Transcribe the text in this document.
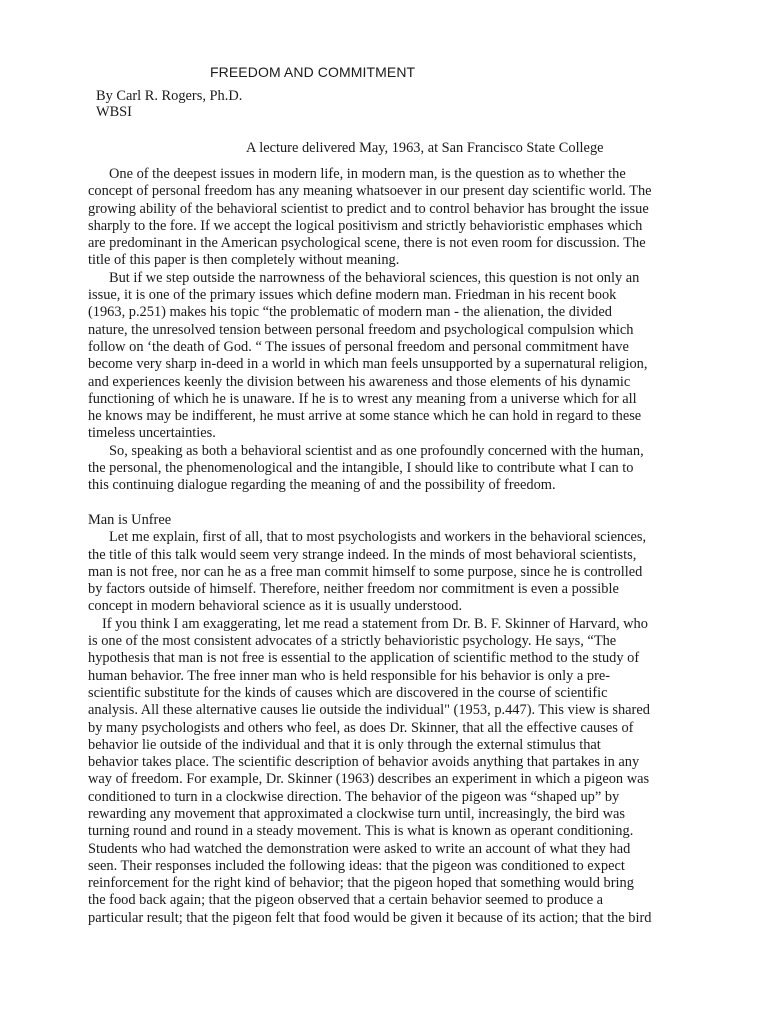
FREEDOM AND COMMITMENT
By Carl R. Rogers, Ph.D.
WBSI
A lecture delivered May, 1963, at San Francisco State College
One of the deepest issues in modern life, in modern man, is the question as to whether the
concept of personal freedom has any meaning whatsoever in our present day scientific world. The
growing ability of the behavioral scientist to predict and to control behavior has brought the issue
sharply to the fore. If we accept the logical positivism and strictly behavioristic emphases which
are predominant in the American psychological scene, there is not even room for discussion. The
title of this paper is then completely without meaning.
But if we step outside the narrowness of the behavioral sciences, this question is not only an
issue, it is one of the primary issues which define modern man. Friedman in his recent book
(1963, p.251) makes his topic “the problematic of modern man - the alienation, the divided
nature, the unresolved tension between personal freedom and psychological compulsion which
follow on ‘the death of God. “ The issues of personal freedom and personal commitment have
become very sharp in-deed in a world in which man feels unsupported by a supernatural religion,
and experiences keenly the division between his awareness and those elements of his dynamic
functioning of which he is unaware. If he is to wrest any meaning from a universe which for all
he knows may be indifferent, he must arrive at some stance which he can hold in regard to these
timeless uncertainties.
So, speaking as both a behavioral scientist and as one profoundly concerned with the human,
the personal, the phenomenological and the intangible, I should like to contribute what I can to
this continuing dialogue regarding the meaning of and the possibility of freedom.
Man is Unfree
Let me explain, first of all, that to most psychologists and workers in the behavioral sciences,
the title of this talk would seem very strange indeed. In the minds of most behavioral scientists,
man is not free, nor can he as a free man commit himself to some purpose, since he is controlled
by factors outside of himself. Therefore, neither freedom nor commitment is even a possible
concept in modern behavioral science as it is usually understood.
If you think I am exaggerating, let me read a statement from Dr. B. F. Skinner of Harvard, who
is one of the most consistent advocates of a strictly behavioristic psychology. He says, “The
hypothesis that man is not free is essential to the application of scientific method to the study of
human behavior. The free inner man who is held responsible for his behavior is only a pre-
scientific substitute for the kinds of causes which are discovered in the course of scientific
analysis. All these alternative causes lie outside the individual" (1953, p.447). This view is shared
by many psychologists and others who feel, as does Dr. Skinner, that all the effective causes of
behavior lie outside of the individual and that it is only through the external stimulus that
behavior takes place. The scientific description of behavior avoids anything that partakes in any
way of freedom. For example, Dr. Skinner (1963) describes an experiment in which a pigeon was
conditioned to turn in a clockwise direction. The behavior of the pigeon was “shaped up” by
rewarding any movement that approximated a clockwise turn until, increasingly, the bird was
turning round and round in a steady movement. This is what is known as operant conditioning.
Students who had watched the demonstration were asked to write an account of what they had
seen. Their responses included the following ideas: that the pigeon was conditioned to expect
reinforcement for the right kind of behavior; that the pigeon hoped that something would bring
the food back again; that the pigeon observed that a certain behavior seemed to produce a
particular result; that the pigeon felt that food would be given it because of its action; that the bird
